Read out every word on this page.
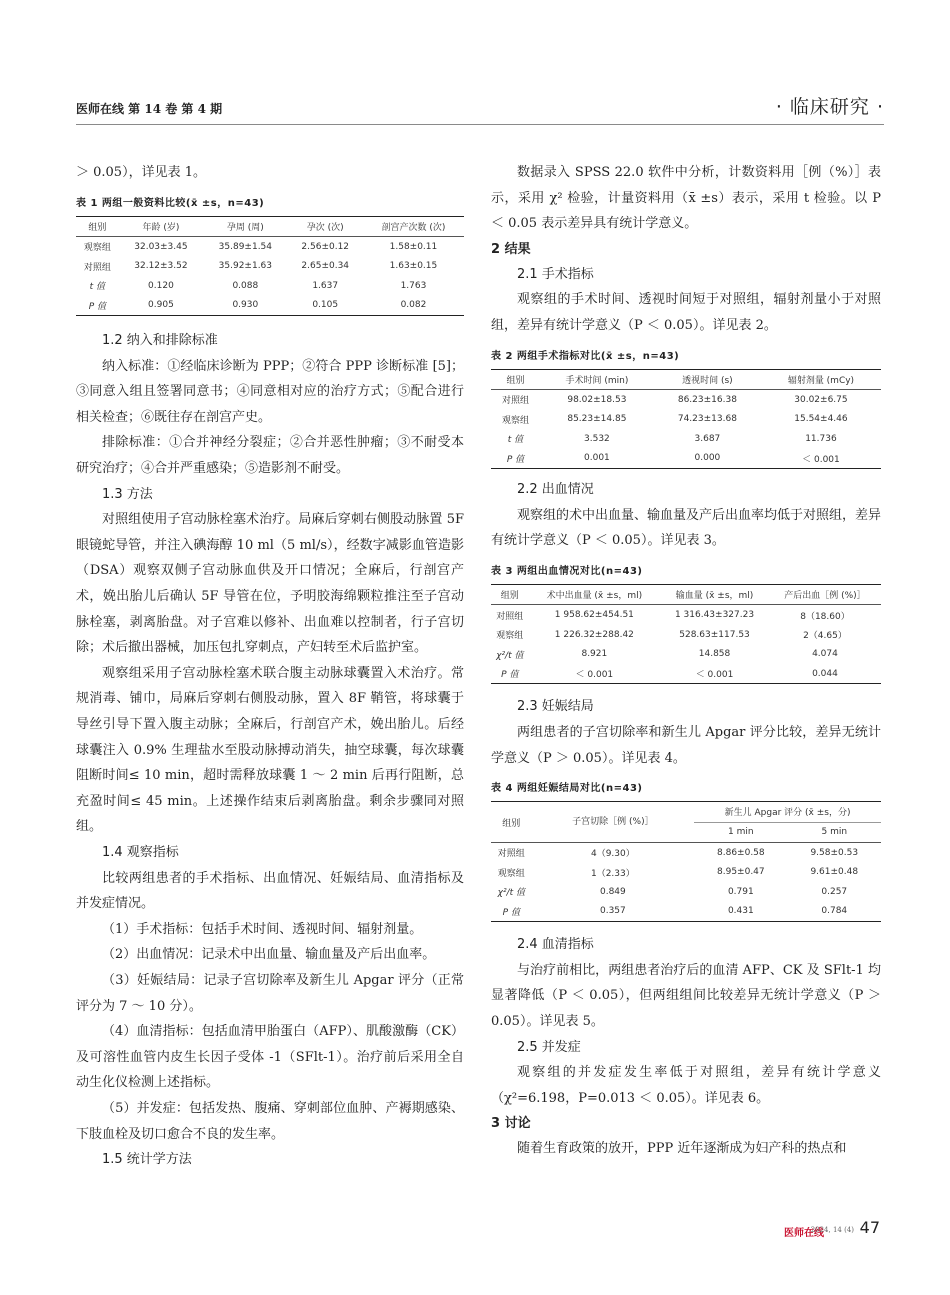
医师在线 第 14 卷 第 4 期	· 临床研究 ·

＞ 0.05），详见表 1。

表 1 两组一般资料比较(x̄ ±s，n=43)
组别	年龄 (岁)	孕周 (周)	孕次 (次)	剖宫产次数 (次)
观察组	32.03±3.45	35.89±1.54	2.56±0.12	1.58±0.11
对照组	32.12±3.52	35.92±1.63	2.65±0.34	1.63±0.15
t 值	0.120	0.088	1.637	1.763
P 值	0.905	0.930	0.105	0.082
1.2 纳入和排除标准

纳入标准：①经临床诊断为 PPP；②符合 PPP 诊断标准 [5]；③同意入组且签署同意书；④同意相对应的治疗方式；⑤配合进行相关检查；⑥既往存在剖宫产史。

排除标准：①合并神经分裂症；②合并恶性肿瘤；③不耐受本研究治疗；④合并严重感染；⑤造影剂不耐受。

1.3 方法

对照组使用子宫动脉栓塞术治疗。局麻后穿刺右侧股动脉置 5F 眼镜蛇导管，并注入碘海醇 10 ml（5 ml/s），经数字减影血管造影（DSA）观察双侧子宫动脉血供及开口情况；全麻后，行剖宫产术，娩出胎儿后确认 5F 导管在位，予明胶海绵颗粒推注至子宫动脉栓塞，剥离胎盘。对子宫难以修补、出血难以控制者，行子宫切除；术后撤出器械，加压包扎穿刺点，产妇转至术后监护室。

观察组采用子宫动脉栓塞术联合腹主动脉球囊置入术治疗。常规消毒、铺巾，局麻后穿刺右侧股动脉，置入 8F 鞘管，将球囊于导丝引导下置入腹主动脉；全麻后，行剖宫产术，娩出胎儿。后经球囊注入 0.9% 生理盐水至股动脉搏动消失，抽空球囊，每次球囊阻断时间≤ 10 min，超时需释放球囊 1 ～ 2 min 后再行阻断，总充盈时间≤ 45 min。上述操作结束后剥离胎盘。剩余步骤同对照组。

1.4 观察指标

比较两组患者的手术指标、出血情况、妊娠结局、血清指标及并发症情况。

（1）手术指标：包括手术时间、透视时间、辐射剂量。

（2）出血情况：记录术中出血量、输血量及产后出血率。

（3）妊娠结局：记录子宫切除率及新生儿 Apgar 评分（正常评分为 7 ～ 10 分）。

（4）血清指标：包括血清甲胎蛋白（AFP）、肌酸激酶（CK）及可溶性血管内皮生长因子受体 -1（SFlt-1）。治疗前后采用全自动生化仪检测上述指标。

（5）并发症：包括发热、腹痛、穿刺部位血肿、产褥期感染、下肢血栓及切口愈合不良的发生率。

1.5 统计学方法

数据录入 SPSS 22.0 软件中分析，计数资料用［例（%）］表示，采用 χ² 检验，计量资料用（x̄ ±s）表示，采用 t 检验。以 P ＜ 0.05 表示差异具有统计学意义。

2 结果
2.1 手术指标

观察组的手术时间、透视时间短于对照组，辐射剂量小于对照组，差异有统计学意义（P ＜ 0.05）。详见表 2。

表 2 两组手术指标对比(x̄ ±s，n=43)
组别	手术时间 (min)	透视时间 (s)	辐射剂量 (mCy)
对照组	98.02±18.53	86.23±16.38	30.02±6.75
观察组	85.23±14.85	74.23±13.68	15.54±4.46
t 值	3.532	3.687	11.736
P 值	0.001	0.000	＜ 0.001
2.2 出血情况

观察组的术中出血量、输血量及产后出血率均低于对照组，差异有统计学意义（P ＜ 0.05）。详见表 3。

表 3 两组出血情况对比(n=43)
组别	术中出血量 (x̄ ±s，ml)	输血量 (x̄ ±s，ml)	产后出血［例 (%)］
对照组	1 958.62±454.51	1 316.43±327.23	8（18.60）
观察组	1 226.32±288.42	528.63±117.53	2（4.65）
χ²/t 值	8.921	14.858	4.074
P 值	＜ 0.001	＜ 0.001	0.044
2.3 妊娠结局

两组患者的子宫切除率和新生儿 Apgar 评分比较，差异无统计学意义（P ＞ 0.05）。详见表 4。

表 4 两组妊娠结局对比(n=43)
组别	子宫切除［例 (%)］	新生儿 Apgar 评分 (x̄ ±s，分)	
		1 min	5 min
对照组	4（9.30）	8.86±0.58	9.58±0.53
观察组	1（2.33）	8.95±0.47	9.61±0.48
χ²/t 值	0.849	0.791	0.257
P 值	0.357	0.431	0.784
2.4 血清指标

与治疗前相比，两组患者治疗后的血清 AFP、CK 及 SFlt-1 均显著降低（P ＜ 0.05），但两组组间比较差异无统计学意义（P ＞ 0.05）。详见表 5。

2.5 并发症

观察组的并发症发生率低于对照组，差异有统计学意义（χ²=6.198，P=0.013 ＜ 0.05）。详见表 6。

3 讨论

随着生育政策的放开，PPP 近年逐渐成为妇产科的热点和

医师在线
2024, 14 (4) 47
